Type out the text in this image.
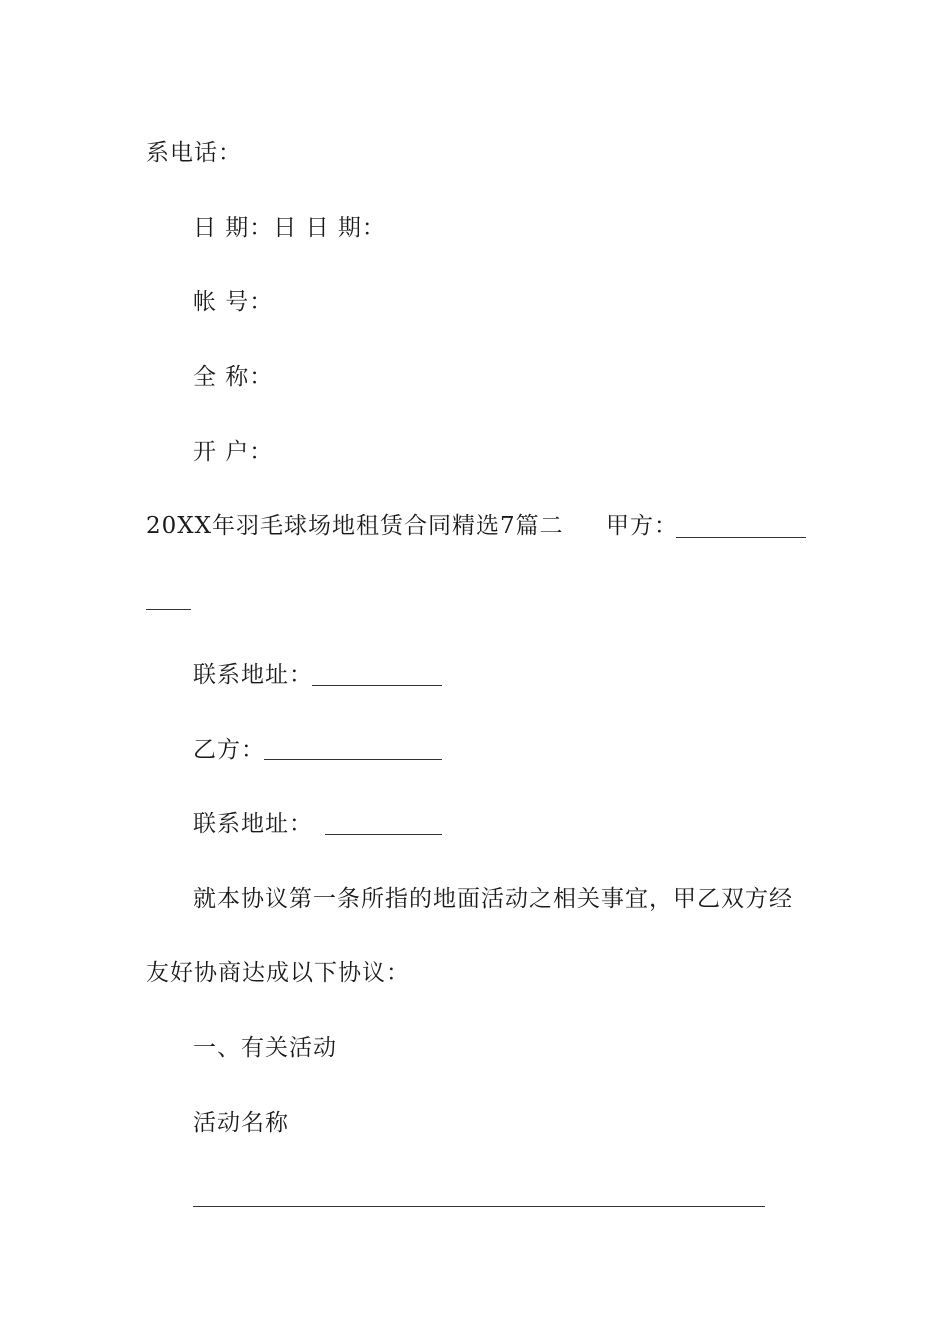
系电话：
日 期：日 日 期：
帐 号：
全 称：
开 户：
20XX年羽毛球场地租赁合同精选7篇二 甲方：
联系地址：
乙方：
联系地址：
就本协议第一条所指的地面活动之相关事宜，甲乙双方经
友好协商达成以下协议：
一、有关活动
活动名称
